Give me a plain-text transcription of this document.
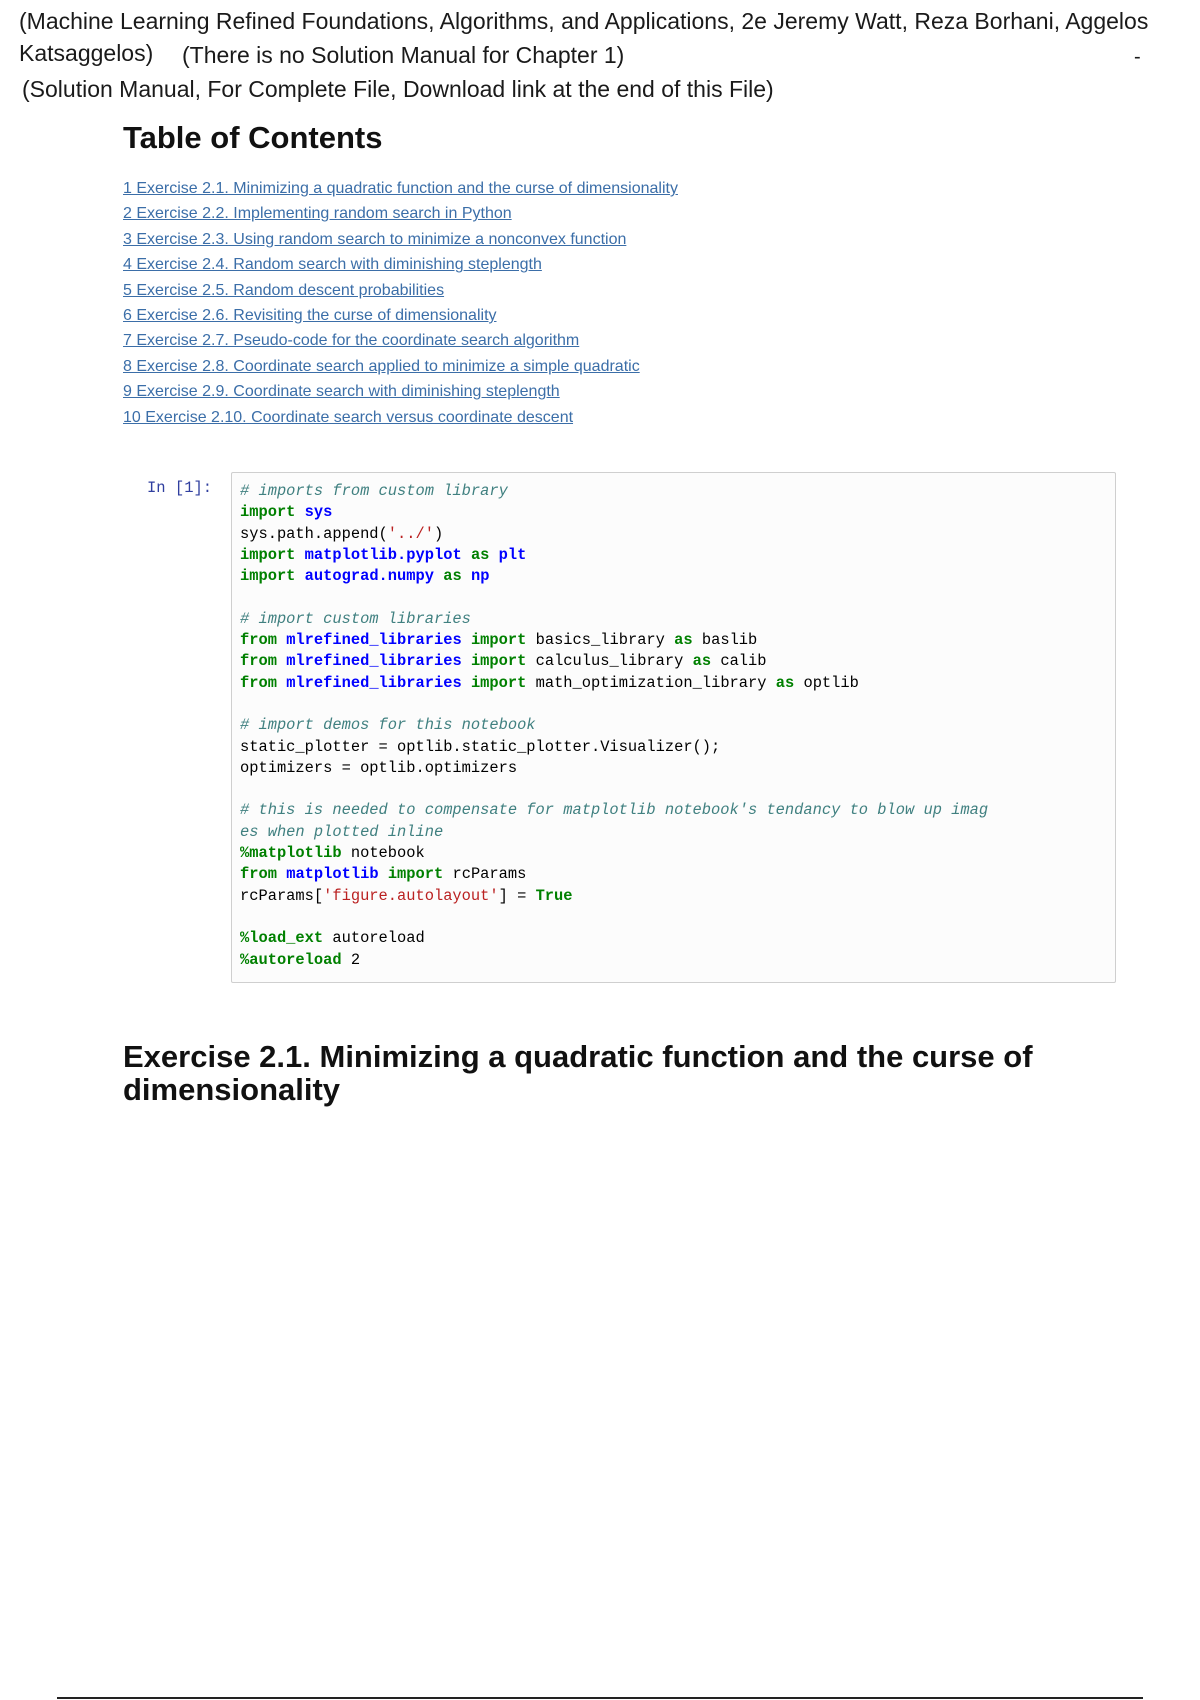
(Machine Learning Refined Foundations, Algorithms, and Applications, 2e Jeremy Watt, Reza Borhani, Aggelos
Katsaggelos) (There is no Solution Manual for Chapter 1)	-
(Solution Manual, For Complete File, Download link at the end of this File)
Table of Contents
1 Exercise 2.1. Minimizing a quadratic function and the curse of dimensionality
2 Exercise 2.2. Implementing random search in Python
3 Exercise 2.3. Using random search to minimize a nonconvex function
4 Exercise 2.4. Random search with diminishing steplength
5 Exercise 2.5. Random descent probabilities
6 Exercise 2.6. Revisiting the curse of dimensionality
7 Exercise 2.7. Pseudo-code for the coordinate search algorithm
8 Exercise 2.8. Coordinate search applied to minimize a simple quadratic
9 Exercise 2.9. Coordinate search with diminishing steplength
10 Exercise 2.10. Coordinate search versus coordinate descent
In [1]: # imports from custom library
import sys
sys.path.append('../')
import matplotlib.pyplot as plt
import autograd.numpy as np
# import custom libraries
from mlrefined_libraries import basics_library as baslib
from mlrefined_libraries import calculus_library as calib
from mlrefined_libraries import math_optimization_library as optlib
# import demos for this notebook
static_plotter = optlib.static_plotter.Visualizer();
optimizers = optlib.optimizers
# this is needed to compensate for matplotlib notebook's tendancy to blow up imag
es when plotted inline
%matplotlib notebook
from matplotlib import rcParams
rcParams['figure.autolayout'] = True
%load_ext autoreload
%autoreload 2
Exercise 2.1. Minimizing a quadratic function and the curse of dimensionality
